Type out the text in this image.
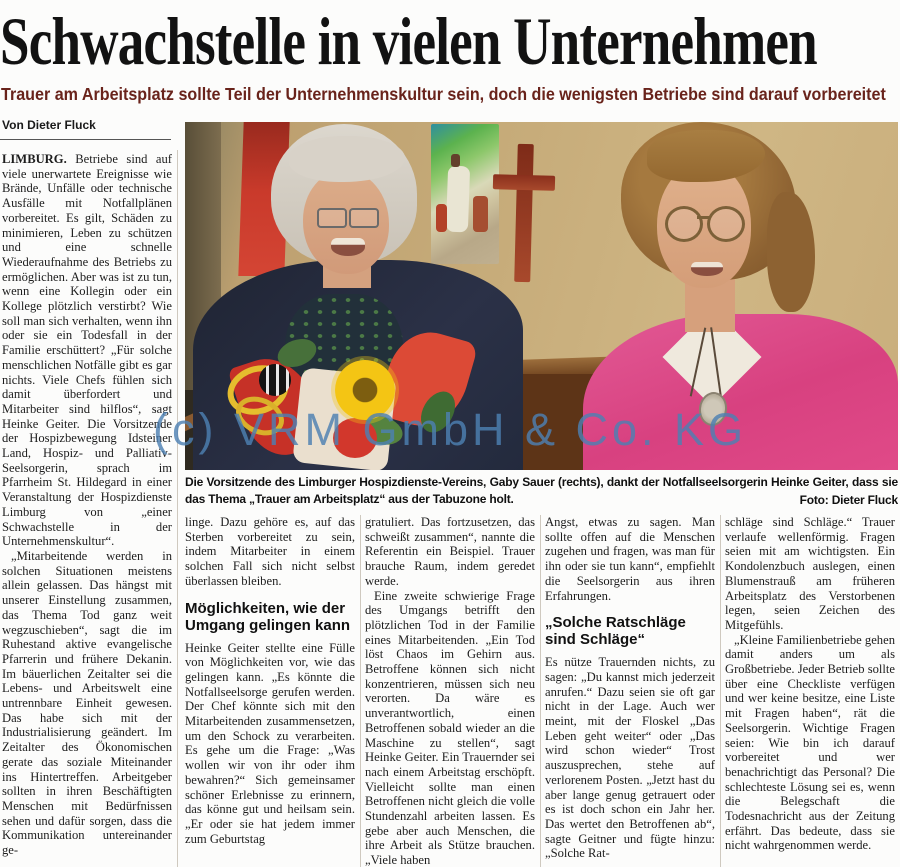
Schwachstelle in vielen Unternehmen
Trauer am Arbeitsplatz sollte Teil der Unternehmenskultur sein, doch die wenigsten Betriebe sind darauf vorbereitet
Von Dieter Fluck

LIMBURG. Betriebe sind auf viele unerwartete Ereignisse wie Brände, Unfälle oder technische Ausfälle mit Notfallplänen vorbereitet. Es gilt, Schäden zu minimieren, Leben zu schützen und eine schnelle Wiederaufnahme des Betriebs zu ermöglichen. Aber was ist zu tun, wenn eine Kollegin oder ein Kollege plötzlich verstirbt? Wie soll man sich verhalten, wenn ihn oder sie ein Todesfall in der Familie erschüttert? „Für solche menschlichen Notfälle gibt es gar nichts. Viele Chefs fühlen sich damit überfordert und Mitarbeiter sind hilflos“, sagt Heinke Geiter. Die Vorsitzende der Hospizbewegung Idsteiner Land, Hospiz- und Palliativ-Seelsorgerin, sprach im Pfarrheim St. Hildegard in einer Veranstaltung der Hospizdienste Limburg von „einer Schwachstelle in der Unternehmenskultur“.

„Mitarbeitende werden in solchen Situationen meistens allein gelassen. Das hängst mit unserer Einstellung zusammen, das Thema Tod ganz weit wegzuschieben“, sagt die im Ruhestand aktive evangelische Pfarrerin und frühere Dekanin. Im bäuerlichen Zeitalter sei die Lebens- und Arbeitswelt eine untrennbare Einheit gewesen. Das habe sich mit der Industrialisierung geändert. Im Zeitalter des Ökonomischen gerate das soziale Miteinander ins Hintertreffen. Arbeitgeber sollten in ihren Beschäftigten Menschen mit Bedürfnissen sehen und dafür sorgen, dass die Kommunikation untereinander ge-

(c) VRM GmbH & Co. KG
Die Vorsitzende des Limburger Hospizdienste-Vereins, Gaby Sauer (rechts), dankt der Notfallseelsorgerin Heinke Geiter, dass sie das Thema „Trauer am Arbeitsplatz“ aus der Tabuzone holt.	Foto: Dieter Fluck

linge. Dazu gehöre es, auf das Sterben vorbereitet zu sein, indem Mitarbeiter in einem solchen Fall sich nicht selbst überlassen bleiben.

Möglichkeiten, wie der Umgang gelingen kann

Heinke Geiter stellte eine Fülle von Möglichkeiten vor, wie das gelingen kann. „Es könnte die Notfallseelsorge gerufen werden. Der Chef könnte sich mit den Mitarbeitenden zusammensetzen, um den Schock zu verarbeiten. Es gehe um die Frage: „Was wollen wir von ihr oder ihm bewahren?“ Sich gemeinsamer schöner Erlebnisse zu erinnern, das könne gut und heilsam sein. „Er oder sie hat jedem immer zum Geburtstag

gratuliert. Das fortzusetzen, das schweißt zusammen“, nannte die Referentin ein Beispiel. Trauer brauche Raum, indem geredet werde.

Eine zweite schwierige Frage des Umgangs betrifft den plötzlichen Tod in der Familie eines Mitarbeitenden. „Ein Tod löst Chaos im Gehirn aus. Betroffene können sich nicht konzentrieren, müssen sich neu verorten. Da wäre es unverantwortlich, einen Betroffenen sobald wieder an die Maschine zu stellen“, sagt Heinke Geiter. Ein Trauernder sei nach einem Arbeitstag erschöpft. Vielleicht sollte man einen Betroffenen nicht gleich die volle Stundenzahl arbeiten lassen. Es gebe aber auch Menschen, die ihre Arbeit als Stütze brauchen. „Viele haben

Angst, etwas zu sagen. Man sollte offen auf die Menschen zugehen und fragen, was man für ihn oder sie tun kann“, empfiehlt die Seelsorgerin aus ihren Erfahrungen.

„Solche Ratschläge sind Schläge“

Es nütze Trauernden nichts, zu sagen: „Du kannst mich jederzeit anrufen.“ Dazu seien sie oft gar nicht in der Lage. Auch wer meint, mit der Floskel „Das Leben geht weiter“ oder „Das wird schon wieder“ Trost auszusprechen, stehe auf verlorenem Posten. „Jetzt hast du aber lange genug getrauert oder es ist doch schon ein Jahr her. Das wertet den Betroffenen ab“, sagte Geitner und fügte hinzu: „Solche Rat-

schläge sind Schläge.“ Trauer verlaufe wellenförmig. Fragen seien mit am wichtigsten. Ein Kondolenzbuch auslegen, einen Blumenstrauß am früheren Arbeitsplatz des Verstorbenen legen, seien Zeichen des Mitgefühls.

„Kleine Familienbetriebe gehen damit anders um als Großbetriebe. Jeder Betrieb sollte über eine Checkliste verfügen und wer keine besitze, eine Liste mit Fragen haben“, rät die Seelsorgerin. Wichtige Fragen seien: Wie bin ich darauf vorbereitet und wer benachrichtigt das Personal? Die schlechteste Lösung sei es, wenn die Belegschaft die Todesnachricht aus der Zeitung erfährt. Das bedeute, dass sie nicht wahrgenommen werde.
